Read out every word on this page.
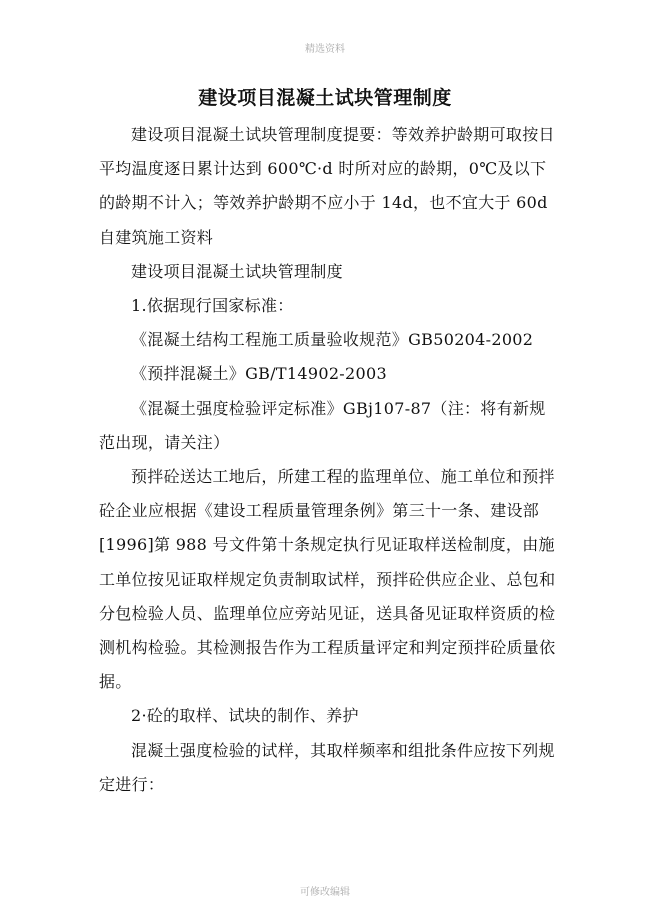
精选资料
建设项目混凝土试块管理制度

建设项目混凝土试块管理制度提要：等效养护龄期可取按日平均温度逐日累计达到 600℃·d 时所对应的龄期，0℃及以下的龄期不计入；等效养护龄期不应小于 14d，也不宜大于 60d

自建筑施工资料

建设项目混凝土试块管理制度

1.依据现行国家标准：

《混凝土结构工程施工质量验收规范》GB50204-2002

《预拌混凝土》GB/T14902-2003

《混凝土强度检验评定标准》GBj107-87（注：将有新规范出现，请关注）

预拌砼送达工地后，所建工程的监理单位、施工单位和预拌砼企业应根据《建设工程质量管理条例》第三十一条、建设部[1996]第 988 号文件第十条规定执行见证取样送检制度，由施工单位按见证取样规定负责制取试样，预拌砼供应企业、总包和分包检验人员、监理单位应旁站见证，送具备见证取样资质的检测机构检验。其检测报告作为工程质量评定和判定预拌砼质量依据。

2·砼的取样、试块的制作、养护

混凝土强度检验的试样，其取样频率和组批条件应按下列规定进行：

可修改编辑
